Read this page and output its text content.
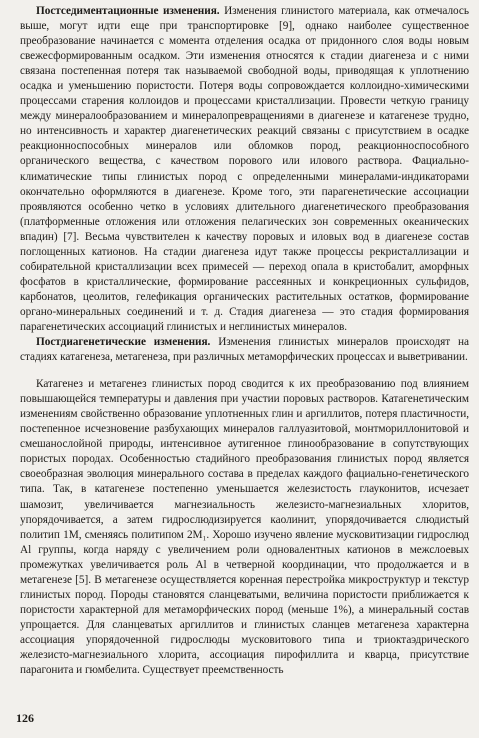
Постседиментационные изменения. Изменения глинистого материала, как отмечалось выше, могут идти еще при транспортировке [9], однако наиболее существенное преобразование начинается с момента отделения осадка от придонного слоя воды новым свежесформированным осадком. Эти изменения относятся к стадии диагенеза и с ними связана постепенная потеря так называемой свободной воды, приводящая к уплотнению осадка и уменьшению пористости. Потеря воды сопровождается коллоидно-химическими процессами старения коллоидов и процессами кристаллизации. Провести четкую границу между минералообразованием и минералопревращениями в диагенезе и катагенезе трудно, но интенсивность и характер диагенетических реакций связаны с присутствием в осадке реакционноспособных минералов или обломков пород, реакционноспособного органического вещества, с качеством порового или илового раствора. Фациально-климатические типы глинистых пород с определенными минералами-индикаторами окончательно оформляются в диагенезе. Кроме того, эти парагенетические ассоциации проявляются особенно четко в условиях длительного диагенетического преобразования (платформенные отложения или отложения пелагических зон современных океанических впадин) [7]. Весьма чувствителен к качеству поровых и иловых вод в диагенезе состав поглощенных катионов. На стадии диагенеза идут также процессы рекристаллизации и собирательной кристаллизации всех примесей — переход опала в кристобалит, аморфных фосфатов в кристаллические, формирование рассеянных и конкреционных сульфидов, карбонатов, цеолитов, гелефикация органических растительных остатков, формирование органо-минеральных соединений и т. д. Стадия диагенеза — это стадия формирования парагенетических ассоциаций глинистых и неглинистых минералов.

Постдиагенетические изменения. Изменения глинистых минералов происходят на стадиях катагенеза, метагенеза, при различных метаморфических процессах и выветривании.

Катагенез и метагенез глинистых пород сводится к их преобразованию под влиянием повышающейся температуры и давления при участии поровых растворов. Катагенетическим изменениям свойственно образование уплотненных глин и аргиллитов, потеря пластичности, постепенное исчезновение разбухающих минералов галлуазитовой, монтмориллонитовой и смешанослойной природы, интенсивное аутигенное глинообразование в сопутствующих пористых породах. Особенностью стадийного преобразования глинистых пород является своеобразная эволюция минерального состава в пределах каждого фациально-генетического типа. Так, в катагенезе постепенно уменьшается железистость глауконитов, исчезает шамозит, увеличивается магнезиальность железисто-магнезиальных хлоритов, упорядочивается, а затем гидрослюдизируется каолинит, упорядочивается слюдистый политип 1М, сменяясь политипом 2М₁. Хорошо изучено явление мусковитизации гидрослюд Al группы, когда наряду с увеличением роли одновалентных катионов в межслоевых промежутках увеличивается роль Al в четверной координации, что продолжается и в метагенезе [5]. В метагенезе осуществляется коренная перестройка микроструктур и текстур глинистых пород. Породы становятся сланцеватыми, величина пористости приближается к пористости характерной для метаморфических пород (меньше 1%), а минеральный состав упрощается. Для сланцеватых аргиллитов и глинистых сланцев метагенеза характерна ассоциация упорядоченной гидрослюды мусковитового типа и триоктаэдрического железисто-магнезиального хлорита, ассоциация пирофиллита и кварца, присутствие парагонита и гюмбелита. Существует преемственность

126
